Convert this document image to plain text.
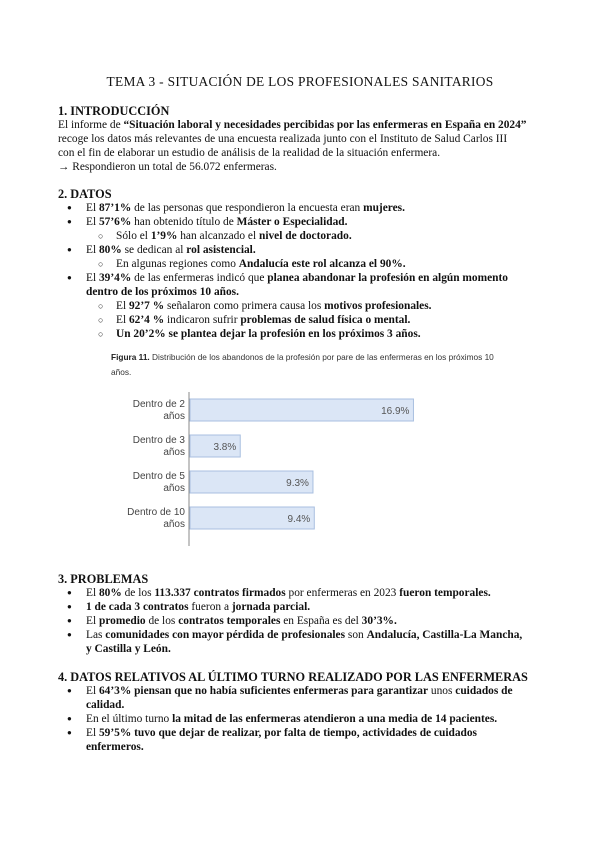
TEMA 3 - SITUACIÓN DE LOS PROFESIONALES SANITARIOS
1. INTRODUCCIÓN
El informe de “Situación laboral y necesidades percibidas por las enfermeras en España en 2024”
recoge los datos más relevantes de una encuesta realizada junto con el Instituto de Salud Carlos III
con el fin de elaborar un estudio de análisis de la realidad de la situación enfermera.
→ Respondieron un total de 56.072 enfermeras.
2. DATOS
● El 87’1% de las personas que respondieron la encuesta eran mujeres.
● El 57’6% han obtenido título de Máster o Especialidad.
○ Sólo el 1’9% han alcanzado el nivel de doctorado.
● El 80% se dedican al rol asistencial.
○ En algunas regiones como Andalucía este rol alcanza el 90%.
● El 39’4% de las enfermeras indicó que planea abandonar la profesión en algún momento
dentro de los próximos 10 años.
○ El 92’7 % señalaron como primera causa los motivos profesionales.
○ El 62’4 % indicaron sufrir problemas de salud física o mental.
○ Un 20’2% se plantea dejar la profesión en los próximos 3 años.
Figura 11. Distribución de los abandonos de la profesión por pare de las enfermeras en los próximos 10
años.
16.9%
Dentro de 2
años
3.8%
Dentro de 3
años
9.3%
Dentro de 5
años
9.4%
Dentro de 10
años
3. PROBLEMAS
● El 80% de los 113.337 contratos firmados por enfermeras en 2023 fueron temporales.
● 1 de cada 3 contratos fueron a jornada parcial.
● El promedio de los contratos temporales en España es del 30’3%.
● Las comunidades con mayor pérdida de profesionales son Andalucía, Castilla-La Mancha,
y Castilla y León.
4. DATOS RELATIVOS AL ÚLTIMO TURNO REALIZADO POR LAS ENFERMERAS
● El 64’3% piensan que no había suficientes enfermeras para garantizar unos cuidados de
calidad.
● En el último turno la mitad de las enfermeras atendieron a una media de 14 pacientes.
● El 59’5% tuvo que dejar de realizar, por falta de tiempo, actividades de cuidados
enfermeros.
